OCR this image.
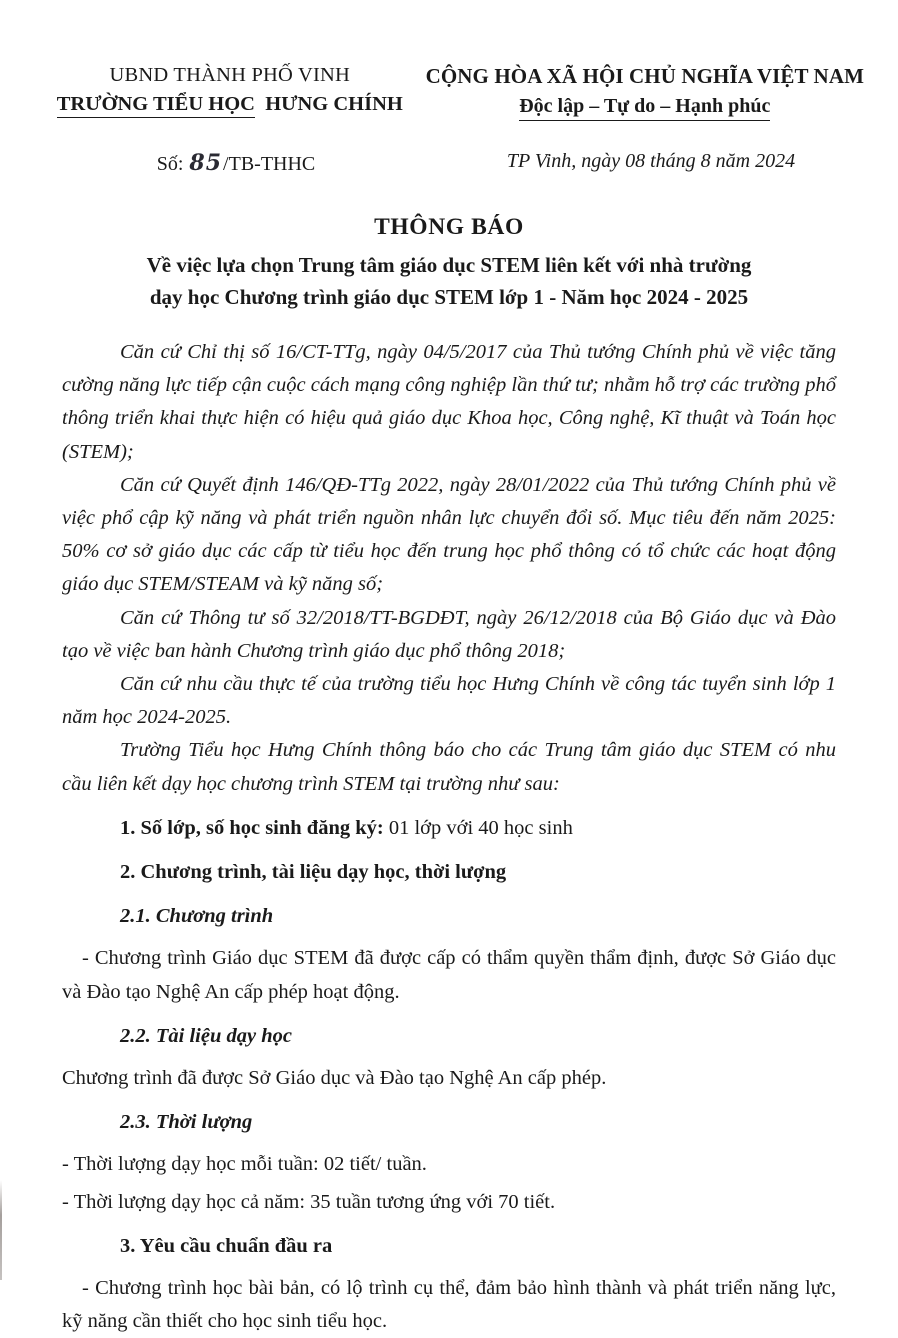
UBND THÀNH PHỐ VINH
TRƯỜNG TIỂU HỌC HƯNG CHÍNH
CỘNG HÒA XÃ HỘI CHỦ NGHĨA VIỆT NAM
Độc lập – Tự do – Hạnh phúc
Số: 85/TB-THHC	TP Vinh, ngày 08 tháng 8 năm 2024
THÔNG BÁO
Về việc lựa chọn Trung tâm giáo dục STEM liên kết với nhà trường
dạy học Chương trình giáo dục STEM lớp 1 - Năm học 2024 - 2025

Căn cứ Chỉ thị số 16/CT-TTg, ngày 04/5/2017 của Thủ tướng Chính phủ về việc tăng cường năng lực tiếp cận cuộc cách mạng công nghiệp lần thứ tư; nhằm hỗ trợ các trường phổ thông triển khai thực hiện có hiệu quả giáo dục Khoa học, Công nghệ, Kĩ thuật và Toán học (STEM);

Căn cứ Quyết định 146/QĐ-TTg 2022, ngày 28/01/2022 của Thủ tướng Chính phủ về việc phổ cập kỹ năng và phát triển nguồn nhân lực chuyển đổi số. Mục tiêu đến năm 2025: 50% cơ sở giáo dục các cấp từ tiểu học đến trung học phổ thông có tổ chức các hoạt động giáo dục STEM/STEAM và kỹ năng số;

Căn cứ Thông tư số 32/2018/TT-BGDĐT, ngày 26/12/2018 của Bộ Giáo dục và Đào tạo về việc ban hành Chương trình giáo dục phổ thông 2018;

Căn cứ nhu cầu thực tế của trường tiểu học Hưng Chính về công tác tuyển sinh lớp 1 năm học 2024-2025.

Trường Tiểu học Hưng Chính thông báo cho các Trung tâm giáo dục STEM có nhu cầu liên kết dạy học chương trình STEM tại trường như sau:

1. Số lớp, số học sinh đăng ký: 01 lớp với 40 học sinh

2. Chương trình, tài liệu dạy học, thời lượng

2.1. Chương trình

- Chương trình Giáo dục STEM đã được cấp có thẩm quyền thẩm định, được Sở Giáo dục và Đào tạo Nghệ An cấp phép hoạt động.

2.2. Tài liệu dạy học

Chương trình đã được Sở Giáo dục và Đào tạo Nghệ An cấp phép.

2.3. Thời lượng

- Thời lượng dạy học mỗi tuần: 02 tiết/ tuần.

- Thời lượng dạy học cả năm: 35 tuần tương ứng với 70 tiết.

3. Yêu cầu chuẩn đầu ra

- Chương trình học bài bản, có lộ trình cụ thể, đảm bảo hình thành và phát triển năng lực, kỹ năng cần thiết cho học sinh tiểu học.
